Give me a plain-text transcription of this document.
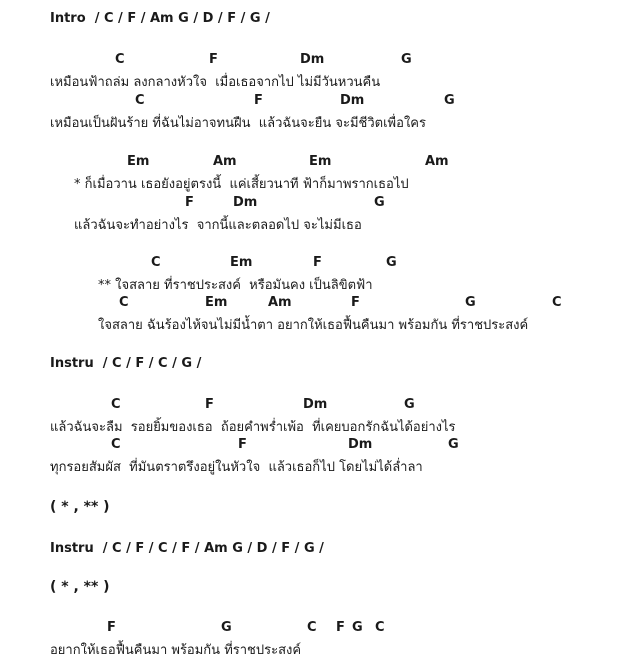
Intro  / C / F / Am G / D / F / G /
C	F	Dm	G
เหมือนฟ้าถล่ม ลงกลางหัวใจ  เมื่อเธอจากไป ไม่มีวันหวนคืน
C	F	Dm	G
เหมือนเป็นฝันร้าย ที่ฉันไม่อาจทนฝืน  แล้วฉันจะยืน จะมีชีวิตเพื่อใคร
Em	Am	Em	Am
* ก็เมื่อวาน เธอยังอยู่ตรงนี้  แค่เสี้ยวนาที ฟ้าก็มาพรากเธอไป
F	Dm	G
แล้วฉันจะทำอย่างไร  จากนี้และตลอดไป จะไม่มีเธอ
C	Em	F	G
** ใจสลาย ที่ราชประสงค์  หรือมันคง เป็นลิขิตฟ้า
C	Em	Am	F	G	C
ใจสลาย ฉันร้องไห้จนไม่มีน้ำตา อยากให้เธอฟื้นคืนมา พร้อมกัน ที่ราชประสงค์
Instru  / C / F / C / G /
C	F	Dm	G
แล้วฉันจะลืม  รอยยิ้มของเธอ  ถ้อยคำพร่ำเพ้อ  ที่เคยบอกรักฉันได้อย่างไร
C	F	Dm	G
ทุกรอยสัมผัส  ที่มันตราตรึงอยู่ในหัวใจ  แล้วเธอก็ไป โดยไม่ได้ล่ำลา
( * , ** )
Instru  / C / F / C / F / Am G / D / F / G /
( * , ** )
F	G	C F G C
อยากให้เธอฟื้นคืนมา พร้อมกัน ที่ราชประสงค์
